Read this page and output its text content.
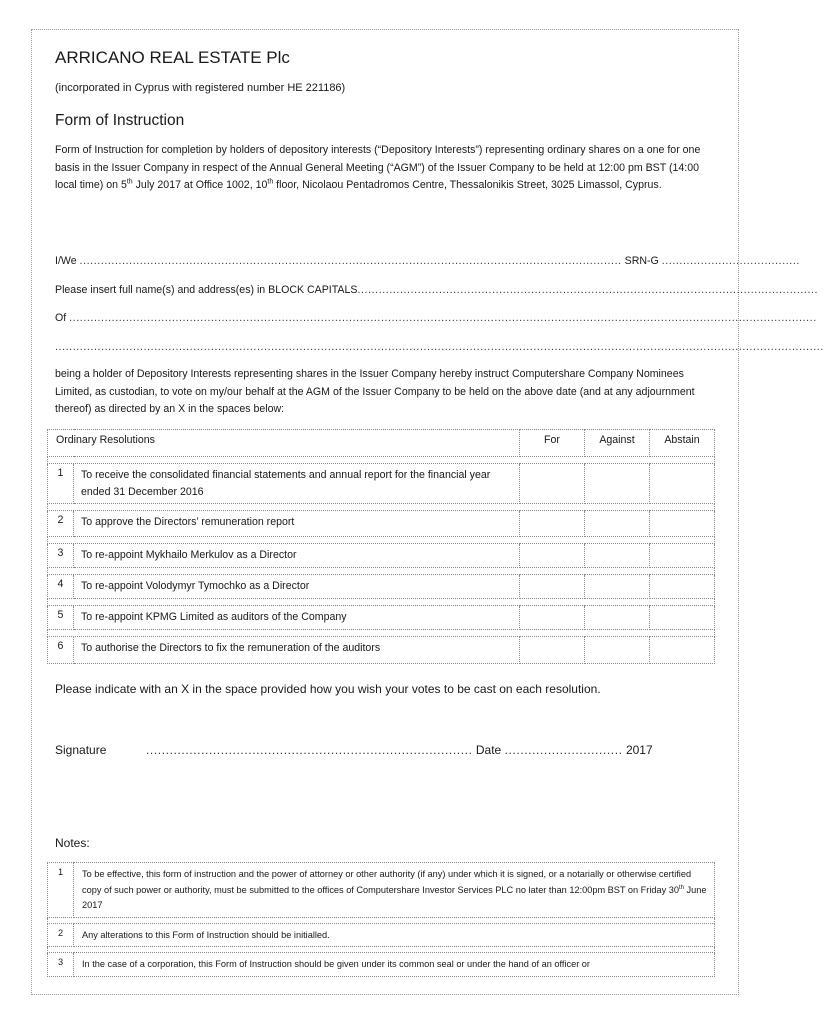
ARRICANO REAL ESTATE Plc
(incorporated in Cyprus with registered number HE 221186)
Form of Instruction
Form of Instruction for completion by holders of depository interests (“Depository Interests”) representing ordinary shares on a one for one basis in the Issuer Company in respect of the Annual General Meeting (“AGM”) of the Issuer Company to be held at 12:00 pm BST (14:00 local time) on 5th July 2017 at Office 1002, 10th floor, Nicolaou Pentadromos Centre, Thessalonikis Street, 3025 Limassol, Cyprus.
I/We ......................................................................................................................................................... SRN-G .......................................
Please insert full name(s) and address(es) in BLOCK CAPITALS..................................................................................................................................
Of ...................................................................................................................................................................................................................
.........................................................................................................................................................................................................................
being a holder of Depository Interests representing shares in the Issuer Company hereby instruct Computershare Company Nominees Limited, as custodian, to vote on my/our behalf at the AGM of the Issuer Company to be held on the above date (and at any adjournment thereof) as directed by an X in the spaces below:
Ordinary Resolutions		For	Against	Abstain

1	To receive the consolidated financial statements and annual report for the financial year ended 31 December 2016			

2	To approve the Directors’ remuneration report			

3	To re-appoint Mykhailo Merkulov as a Director			

4	To re-appoint Volodymyr Tymochko as a Director			

5	To re-appoint KPMG Limited as auditors of the Company			

6	To authorise the Directors to fix the remuneration of the auditors			

Please indicate with an X in the space provided how you wish your votes to be cast on each resolution.
Signature	................................................................................... Date .............................. 2017
Notes:
1	To be effective, this form of instruction and the power of attorney or other authority (if any) under which it is signed, or a notarially or otherwise certified copy of such power or authority, must be submitted to the offices of Computershare Investor Services PLC no later than 12:00pm BST on Friday 30th June 2017

2	Any alterations to this Form of Instruction should be initialled.

3	In the case of a corporation, this Form of Instruction should be given under its common seal or under the hand of an officer or
